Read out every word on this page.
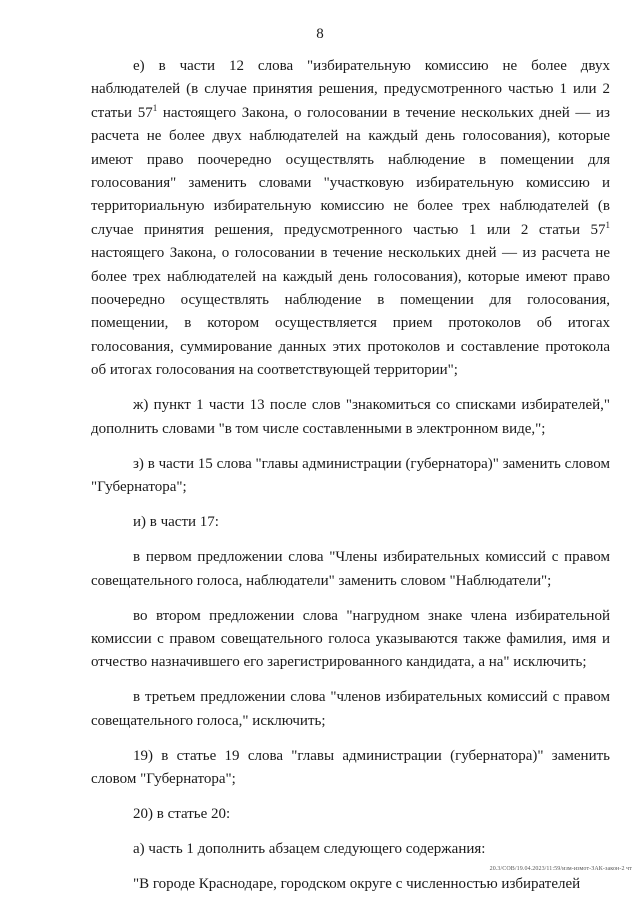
8

е) в части 12 слова "избирательную комиссию не более двух наблюдателей (в случае принятия решения, предусмотренного частью 1 или 2 статьи $57^1$ настоящего Закона, о голосовании в течение нескольких дней — из расчета не более двух наблюдателей на каждый день голосования), которые имеют право поочередно осуществлять наблюдение в помещении для голосования" заменить словами "участковую избирательную комиссию и территориальную избирательную комиссию не более трех наблюдателей (в случае принятия решения, предусмотренного частью 1 или 2 статьи $57^1$ настоящего Закона, о голосовании в течение нескольких дней — из расчета не более трех наблюдателей на каждый день голосования), которые имеют право поочередно осуществлять наблюдение в помещении для голосования, помещении, в котором осуществляется прием протоколов об итогах голосования, суммирование данных этих протоколов и составление протокола об итогах голосования на соответствующей территории";

ж) пункт 1 части 13 после слов "знакомиться со списками избирателей," дополнить словами "в том числе составленными в электронном виде,";

з) в части 15 слова "главы администрации (губернатора)" заменить словом "Губернатора";

и) в части 17:

в первом предложении слова "Члены избирательных комиссий с правом совещательного голоса, наблюдатели" заменить словом "Наблюдатели";

во втором предложении слова "нагрудном знаке члена избирательной комиссии с правом совещательного голоса указываются также фамилия, имя и отчество назначившего его зарегистрированного кандидата, а на" исключить;

в третьем предложении слова "членов избирательных комиссий с правом совещательного голоса," исключить;

19) в статье 19 слова "главы администрации (губернатора)" заменить словом "Губернатора";

20) в статье 20:

а) часть 1 дополнить абзацем следующего содержания:

"В городе Краснодаре, городском округе с численностью избирателей

20.3/СОВ/19.04.2023/11:59/изм-измот-ЗАК-закон-2 чт
